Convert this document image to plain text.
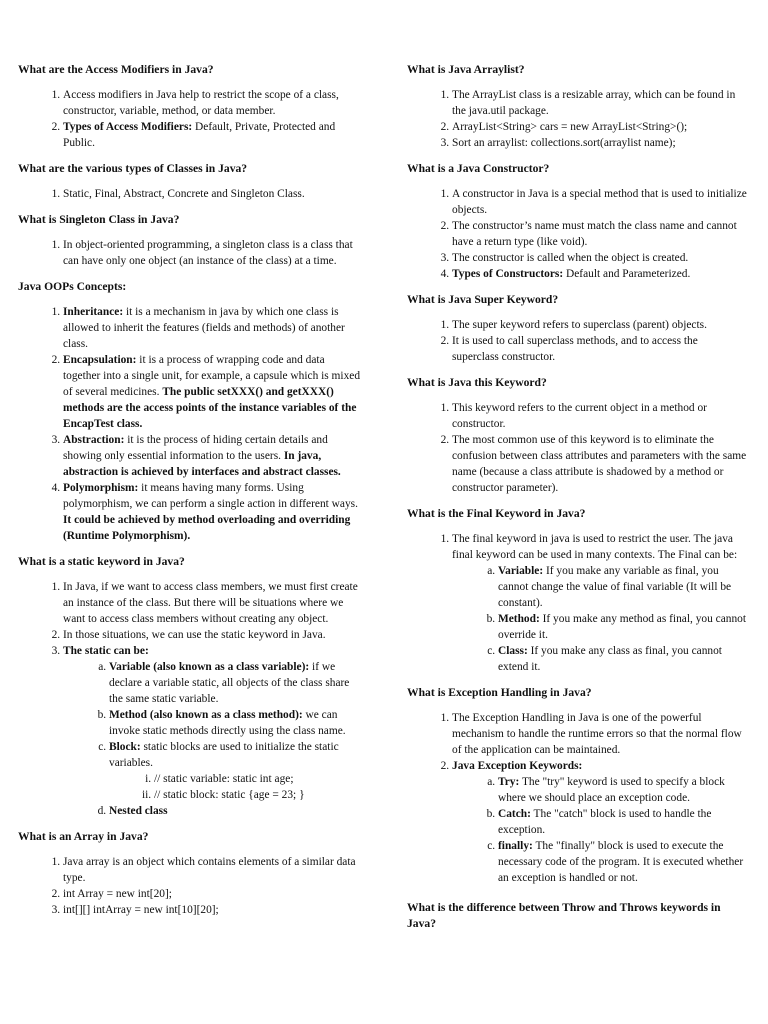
What are the Access Modifiers in Java?
1. Access modifiers in Java help to restrict the scope of a class, constructor, variable, method, or data member.
2. Types of Access Modifiers: Default, Private, Protected and Public.
What are the various types of Classes in Java?
1. Static, Final, Abstract, Concrete and Singleton Class.
What is Singleton Class in Java?
1. In object-oriented programming, a singleton class is a class that can have only one object (an instance of the class) at a time.
Java OOPs Concepts:
1. Inheritance: it is a mechanism in java by which one class is allowed to inherit the features (fields and methods) of another class.
2. Encapsulation: it is a process of wrapping code and data together into a single unit, for example, a capsule which is mixed of several medicines. The public setXXX() and getXXX() methods are the access points of the instance variables of the EncapTest class.
3. Abstraction: it is the process of hiding certain details and showing only essential information to the users. In java, abstraction is achieved by interfaces and abstract classes.
4. Polymorphism: it means having many forms. Using polymorphism, we can perform a single action in different ways. It could be achieved by method overloading and overriding (Runtime Polymorphism).
What is a static keyword in Java?
1. In Java, if we want to access class members, we must first create an instance of the class. But there will be situations where we want to access class members without creating any object.
2. In those situations, we can use the static keyword in Java.
3. The static can be:
a. Variable (also known as a class variable): if we declare a variable static, all objects of the class share the same static variable.
b. Method (also known as a class method): we can invoke static methods directly using the class name.
c. Block: static blocks are used to initialize the static variables.
i. // static variable: static int age;
ii. // static block: static {age = 23; }
d. Nested class
What is an Array in Java?
1. Java array is an object which contains elements of a similar data type.
2. int Array = new int[20];
3. int[][] intArray = new int[10][20];
What is Java Arraylist?
1. The ArrayList class is a resizable array, which can be found in the java.util package.
2. ArrayList<String> cars = new ArrayList<String>();
3. Sort an arraylist: collections.sort(arraylist name);
What is a Java Constructor?
1. A constructor in Java is a special method that is used to initialize objects.
2. The constructor’s name must match the class name and cannot have a return type (like void).
3. The constructor is called when the object is created.
4. Types of Constructors: Default and Parameterized.
What is Java Super Keyword?
1. The super keyword refers to superclass (parent) objects.
2. It is used to call superclass methods, and to access the superclass constructor.
What is Java this Keyword?
1. This keyword refers to the current object in a method or constructor.
2. The most common use of this keyword is to eliminate the confusion between class attributes and parameters with the same name (because a class attribute is shadowed by a method or constructor parameter).
What is the Final Keyword in Java?
1. The final keyword in java is used to restrict the user. The java final keyword can be used in many contexts. The Final can be:
a. Variable: If you make any variable as final, you cannot change the value of final variable (It will be constant).
b. Method: If you make any method as final, you cannot override it.
c. Class: If you make any class as final, you cannot extend it.
What is Exception Handling in Java?
1. The Exception Handling in Java is one of the powerful mechanism to handle the runtime errors so that the normal flow of the application can be maintained.
2. Java Exception Keywords:
a. Try: The "try" keyword is used to specify a block where we should place an exception code.
b. Catch: The "catch" block is used to handle the exception.
c. finally: The "finally" block is used to execute the necessary code of the program. It is executed whether an exception is handled or not.
What is the difference between Throw and Throws keywords in Java?
